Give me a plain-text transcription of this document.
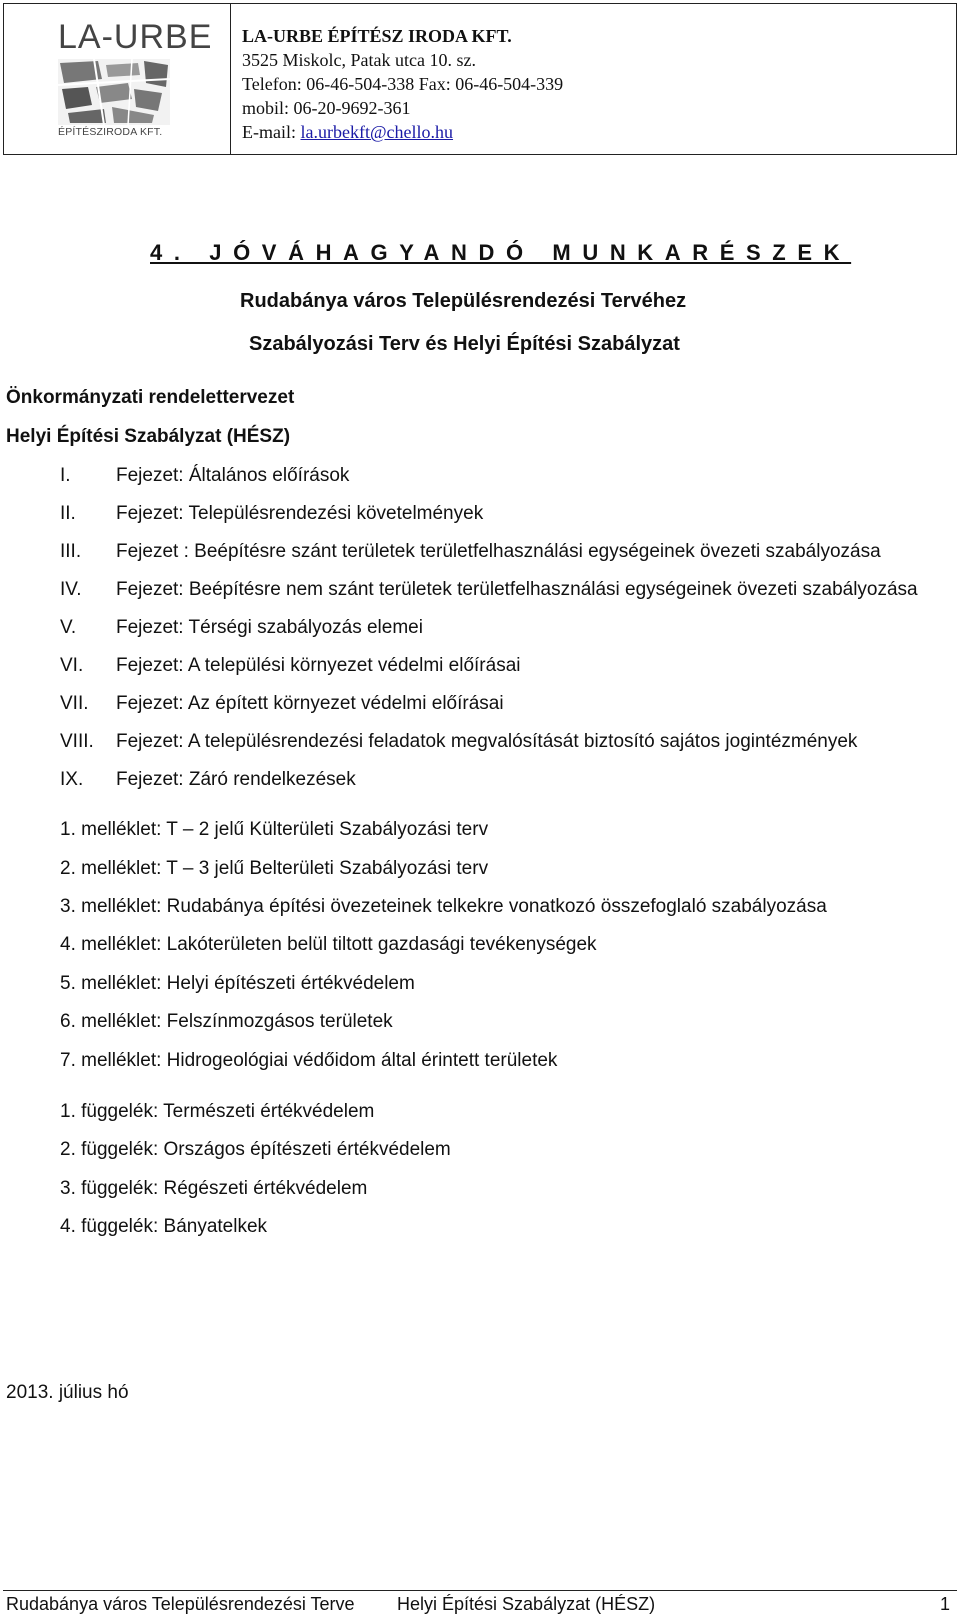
LA-URBE
ÉPÍTÉSZIRODA KFT.
LA-URBE ÉPÍTÉSZ IRODA KFT.
3525 Miskolc, Patak utca 10. sz.
Telefon: 06-46-504-338 Fax: 06-46-504-339
mobil: 06-20-9692-361
E-mail: la.urbekft@chello.hu
4. JÓVÁHAGYANDÓ MUNKARÉSZEK
Rudabánya város Településrendezési Tervéhez
Szabályozási Terv és Helyi Építési Szabályzat
Önkormányzati rendelettervezet
Helyi Építési Szabályzat (HÉSZ)
I. Fejezet: Általános előírások
II. Fejezet: Településrendezési követelmények
III. Fejezet : Beépítésre szánt területek területfelhasználási egységeinek övezeti szabályozása
IV. Fejezet: Beépítésre nem szánt területek területfelhasználási egységeinek övezeti szabályozása
V. Fejezet: Térségi szabályozás elemei
VI. Fejezet: A települési környezet védelmi előírásai
VII. Fejezet: Az épített környezet védelmi előírásai
VIII. Fejezet: A településrendezési feladatok megvalósítását biztosító sajátos jogintézmények
IX. Fejezet: Záró rendelkezések
1. melléklet: T – 2 jelű Külterületi Szabályozási terv
2. melléklet: T – 3 jelű Belterületi Szabályozási terv
3. melléklet: Rudabánya építési övezeteinek telkekre vonatkozó összefoglaló szabályozása
4. melléklet: Lakóterületen belül tiltott gazdasági tevékenységek
5. melléklet: Helyi építészeti értékvédelem
6. melléklet: Felszínmozgásos területek
7. melléklet: Hidrogeológiai védőidom által érintett területek
1. függelék: Természeti értékvédelem
2. függelék: Országos építészeti értékvédelem
3. függelék: Régészeti értékvédelem
4. függelék: Bányatelkek
2013. július hó
Rudabánya város Településrendezési Terve Helyi Építési Szabályzat (HÉSZ)	1
